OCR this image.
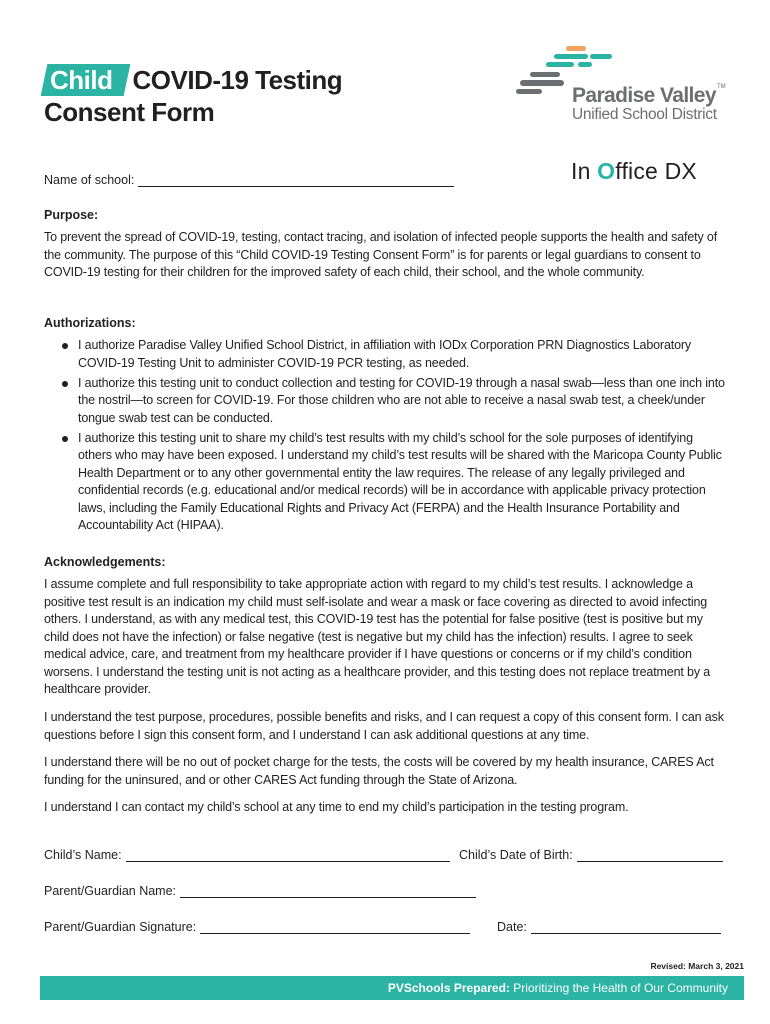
Child COVID-19 Testing
Consent Form
Paradise Valley TM
Unified School District
In Office DX
Name of school:
Purpose:
To prevent the spread of COVID-19, testing, contact tracing, and isolation of infected people supports the health and safety of the community. The purpose of this “Child COVID-19 Testing Consent Form” is for parents or legal guardians to consent to COVID-19 testing for their children for the improved safety of each child, their school, and the whole community.
Authorizations:
I authorize Paradise Valley Unified School District, in affiliation with IODx Corporation PRN Diagnostics Laboratory COVID-19 Testing Unit to administer COVID-19 PCR testing, as needed.
I authorize this testing unit to conduct collection and testing for COVID-19 through a nasal swab—less than one inch into the nostril—to screen for COVID-19. For those children who are not able to receive a nasal swab test, a cheek/under tongue swab test can be conducted.
I authorize this testing unit to share my child’s test results with my child’s school for the sole purposes of identifying others who may have been exposed. I understand my child’s test results will be shared with the Maricopa County Public Health Department or to any other governmental entity the law requires. The release of any legally privileged and confidential records (e.g. educational and/or medical records) will be in accordance with applicable privacy protection laws, including the Family Educational Rights and Privacy Act (FERPA) and the Health Insurance Portability and Accountability Act (HIPAA).
Acknowledgements:
I assume complete and full responsibility to take appropriate action with regard to my child’s test results. I acknowledge a positive test result is an indication my child must self-isolate and wear a mask or face covering as directed to avoid infecting others. I understand, as with any medical test, this COVID-19 test has the potential for false positive (test is positive but my child does not have the infection) or false negative (test is negative but my child has the infection) results. I agree to seek medical advice, care, and treatment from my healthcare provider if I have questions or concerns or if my child’s condition worsens. I understand the testing unit is not acting as a healthcare provider, and this testing does not replace treatment by a healthcare provider.
I understand the test purpose, procedures, possible benefits and risks, and I can request a copy of this consent form. I can ask questions before I sign this consent form, and I understand I can ask additional questions at any time.
I understand there will be no out of pocket charge for the tests, the costs will be covered by my health insurance, CARES Act funding for the uninsured, and or other CARES Act funding through the State of Arizona.
I understand I can contact my child’s school at any time to end my child’s participation in the testing program.
Child’s Name:	Child’s Date of Birth:
Parent/Guardian Name:
Parent/Guardian Signature:	Date:
Revised: March 3, 2021
PVSchools Prepared: Prioritizing the Health of Our Community
